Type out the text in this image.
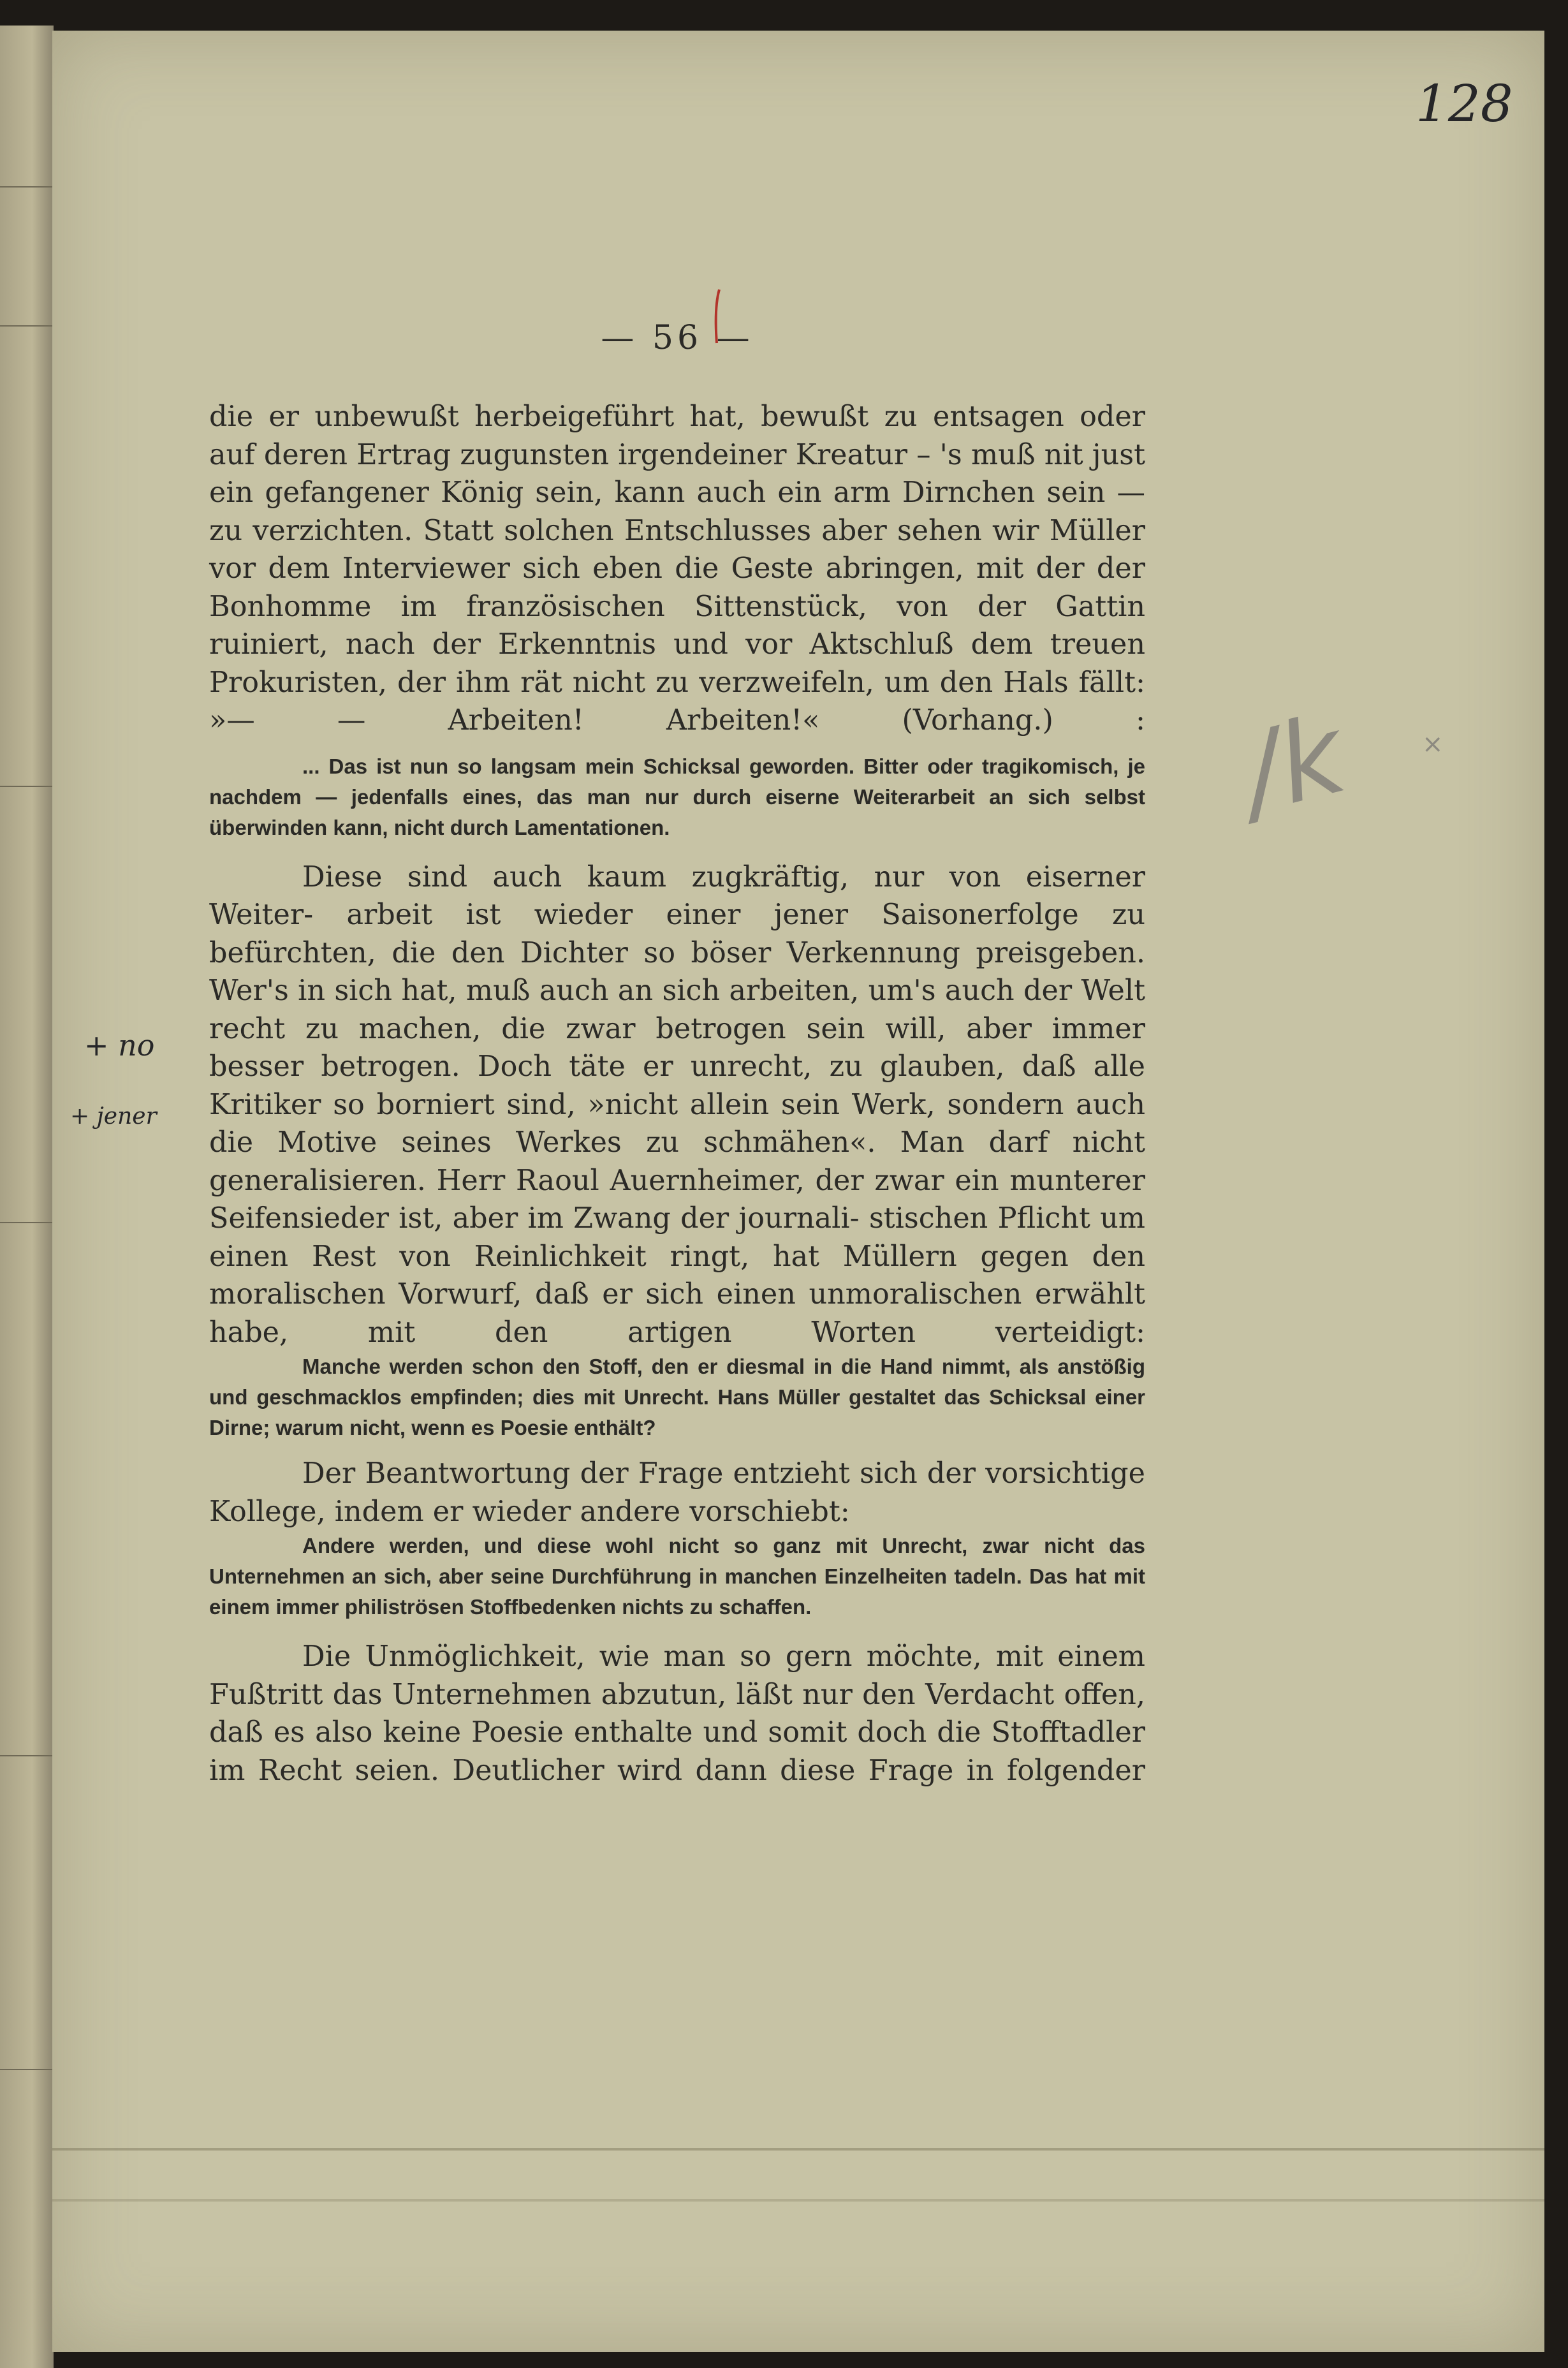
128
+ no
+ jener
/k	×
— 56 —

die er unbewußt herbeigeführt hat, bewußt zu entsagen oder auf deren Ertrag zugunsten irgendeiner Kreatur – 's muß nit just ein gefangener König sein, kann auch ein arm Dirnchen sein — zu verzichten. Statt solchen Entschlusses aber sehen wir Müller vor dem Interviewer sich eben die Geste abringen, mit der der Bonhomme im französischen Sittenstück, von der Gattin ruiniert, nach der Erkenntnis und vor Aktschluß dem treuen Prokuristen, der ihm rät nicht zu verzweifeln, um den Hals fällt: »— — Arbeiten! Arbeiten!« (Vorhang.) :

... Das ist nun so langsam mein Schicksal geworden. Bitter oder tragikomisch, je nachdem — jedenfalls eines, das man nur durch eiserne Weiterarbeit an sich selbst überwinden kann, nicht durch Lamentationen.

Diese sind auch kaum zugkräftig, nur von eiserner Weiter- arbeit ist wieder einer jener Saisonerfolge zu befürchten, die den Dichter so böser Verkennung preisgeben. Wer's in sich hat, muß auch an sich arbeiten, um's auch der Welt recht zu machen, die zwar betrogen sein will, aber immer besser betrogen. Doch täte er unrecht, zu glauben, daß alle Kritiker so borniert sind, »nicht allein sein Werk, sondern auch die Motive seines Werkes zu schmähen«. Man darf nicht generalisieren. Herr Raoul Auernheimer, der zwar ein munterer Seifensieder ist, aber im Zwang der journali- stischen Pflicht um einen Rest von Reinlichkeit ringt, hat Müllern gegen den moralischen Vorwurf, daß er sich einen unmoralischen erwählt habe, mit den artigen Worten verteidigt:

Manche werden schon den Stoff, den er diesmal in die Hand nimmt, als anstößig und geschmacklos empfinden; dies mit Unrecht. Hans Müller gestaltet das Schicksal einer Dirne; warum nicht, wenn es Poesie enthält?

Der Beantwortung der Frage entzieht sich der vorsichtige Kollege, indem er wieder andere vorschiebt:

Andere werden, und diese wohl nicht so ganz mit Unrecht, zwar nicht das Unternehmen an sich, aber seine Durchführung in manchen Einzelheiten tadeln. Das hat mit einem immer philiströsen Stoffbedenken nichts zu schaffen.

Die Unmöglichkeit, wie man so gern möchte, mit einem Fußtritt das Unternehmen abzutun, läßt nur den Verdacht offen, daß es also keine Poesie enthalte und somit doch die Stofftadler im Recht seien. Deutlicher wird dann diese Frage in folgender
